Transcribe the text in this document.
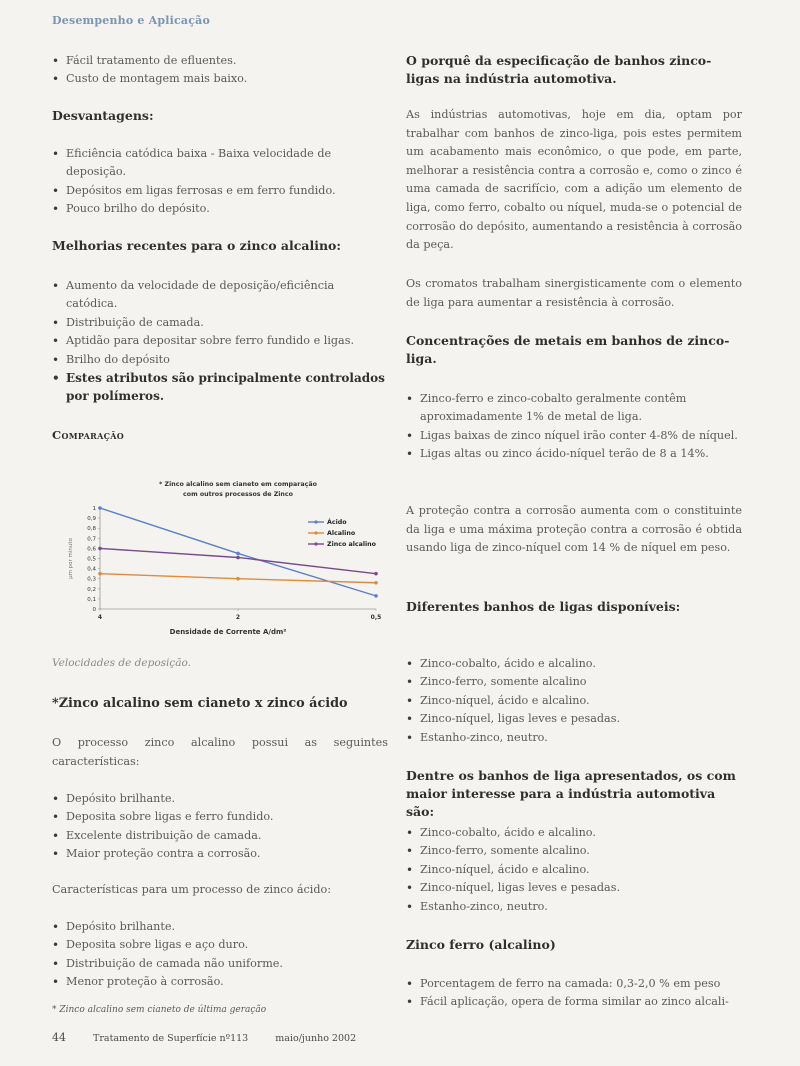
Desempenho e Aplicação
• Fácil tratamento de efluentes.
• Custo de montagem mais baixo.
Desvantagens:
• Eficiência catódica baixa - Baixa velocidade de deposição.
• Depósitos em ligas ferrosas e em ferro fundido.
• Pouco brilho do depósito.
Melhorias recentes para o zinco alcalino:
• Aumento da velocidade de deposição/eficiência catódica.
• Distribuição de camada.
• Aptidão para depositar sobre ferro fundido e ligas.
• Brilho do depósito
• Estes atributos são principalmente controlados por polímeros.
Comparação
* Zinco alcalino sem cianeto em comparação
com outros processos de Zinco
0
0,1
0,2
0,3
0,4
0,5
0,6
0,7
0,8
0,9
1
µm por minuto
4	2	0,5
Densidade de Corrente A/dm²
Ácido
Alcalino
Zinco alcalino
Velocidades de deposição.
*Zinco alcalino sem cianeto x zinco ácido

O processo zinco alcalino possui as seguintes características:

• Depósito brilhante.
• Deposita sobre ligas e ferro fundido.
• Excelente distribuição de camada.
• Maior proteção contra a corrosão.

Características para um processo de zinco ácido:

• Depósito brilhante.
• Deposita sobre ligas e aço duro.
• Distribuição de camada não uniforme.
• Menor proteção à corrosão.
* Zinco alcalino sem cianeto de última geração
O porquê da especificação de banhos zinco-ligas na indústria automotiva.

As indústrias automotivas, hoje em dia, optam por trabalhar com banhos de zinco-liga, pois estes permitem um acabamento mais econômico, o que pode, em parte, melhorar a resistência contra a corrosão e, como o zinco é uma camada de sacrifício, com a adição um elemento de liga, como ferro, cobalto ou níquel, muda-se o potencial de corrosão do depósito, aumentando a resistência à corrosão da peça.

Os cromatos trabalham sinergisticamente com o elemento de liga para aumentar a resistência à corrosão.

Concentrações de metais em banhos de zinco-liga.
• Zinco-ferro e zinco-cobalto geralmente contêm aproximadamente 1% de metal de liga.
• Ligas baixas de zinco níquel irão conter 4-8% de níquel.
• Ligas altas ou zinco ácido-níquel terão de 8 a 14%.

A proteção contra a corrosão aumenta com o constituinte da liga e uma máxima proteção contra a corrosão é obtida usando liga de zinco-níquel com 14 % de níquel em peso.

Diferentes banhos de ligas disponíveis:
• Zinco-cobalto, ácido e alcalino.
• Zinco-ferro, somente alcalino
• Zinco-níquel, ácido e alcalino.
• Zinco-níquel, ligas leves e pesadas.
• Estanho-zinco, neutro.
Dentre os banhos de liga apresentados, os com maior interesse para a indústria automotiva são:
• Zinco-cobalto, ácido e alcalino.
• Zinco-ferro, somente alcalino.
• Zinco-níquel, ácido e alcalino.
• Zinco-níquel, ligas leves e pesadas.
• Estanho-zinco, neutro.
Zinco ferro (alcalino)
• Porcentagem de ferro na camada: 0,3-2,0 % em peso
• Fácil aplicação, opera de forma similar ao zinco alcali-
44	Tratamento de Superfície nº113	maio/junho 2002
